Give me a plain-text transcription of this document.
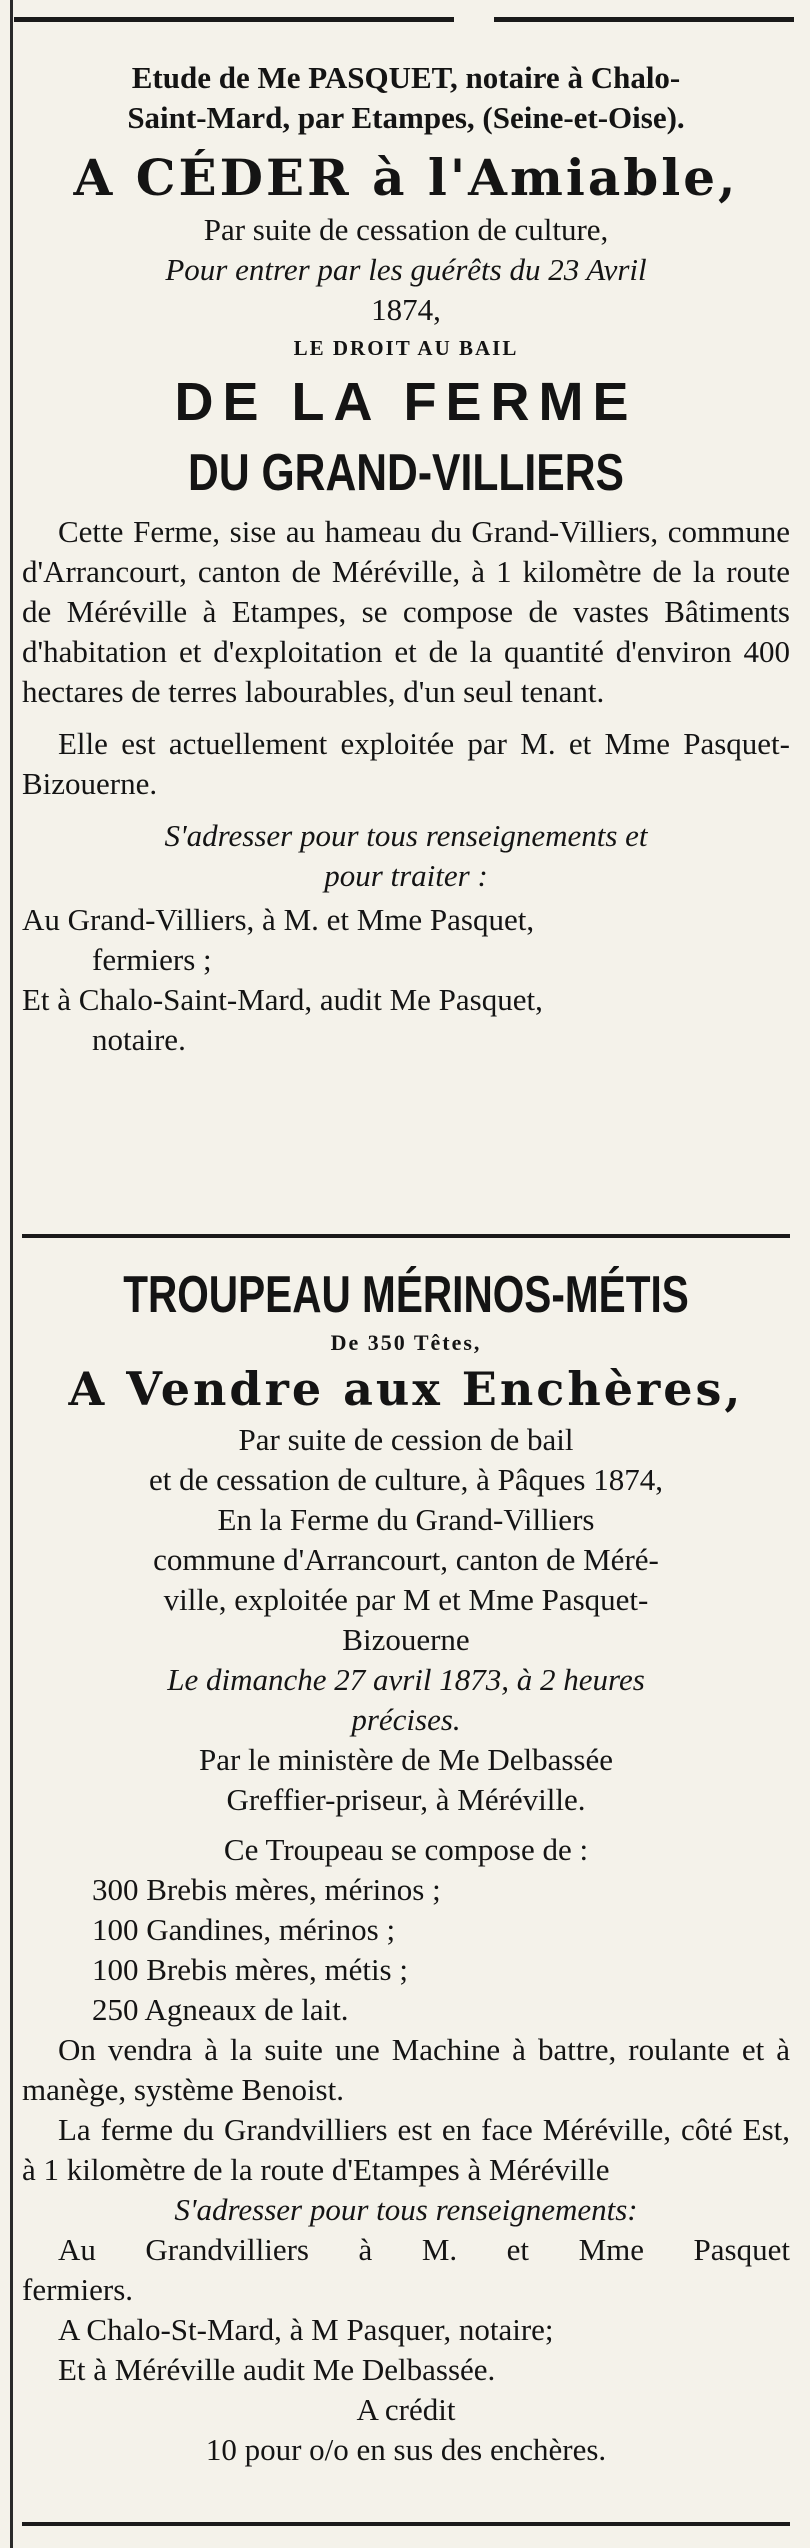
Etude de Me PASQUET, notaire à Chalo-

Saint-Mard, par Etampes, (Seine-et-Oise).

A CÉDER à l'Amiable,

Par suite de cessation de culture,

Pour entrer par les guérêts du 23 Avril

1874,

LE DROIT AU BAIL

DE LA FERME

DU GRAND-VILLIERS

Cette Ferme, sise au hameau du Grand-Villiers, commune d'Arrancourt, canton de Méréville, à 1 kilomètre de la route de Méréville à Etampes, se compose de vastes Bâtiments d'habitation et d'exploitation et de la quantité d'environ 400 hectares de terres labourables, d'un seul tenant.

Elle est actuellement exploitée par M. et Mme Pasquet-Bizouerne.

S'adresser pour tous renseignements et

pour traiter :

Au Grand-Villiers, à M. et Mme Pasquet,

fermiers ;

Et à Chalo-Saint-Mard, audit Me Pasquet,

notaire.

TROUPEAU MÉRINOS-MÉTIS

De 350 Têtes,

A Vendre aux Enchères,

Par suite de cession de bail

et de cessation de culture, à Pâques 1874,

En la Ferme du Grand-Villiers

commune d'Arrancourt, canton de Méré-

ville, exploitée par M et Mme Pasquet-

Bizouerne

Le dimanche 27 avril 1873, à 2 heures

précises.

Par le ministère de Me Delbassée

Greffier-priseur, à Méréville.

Ce Troupeau se compose de :

300 Brebis mères, mérinos ;

100 Gandines, mérinos ;

100 Brebis mères, métis ;

250 Agneaux de lait.

On vendra à la suite une Machine à battre, roulante et à manège, système Benoist.

La ferme du Grandvilliers est en face Méréville, côté Est, à 1 kilomètre de la route d'Etampes à Méréville

S'adresser pour tous renseignements:

Au Grandvilliers à M. et Mme Pasquet

fermiers.

A Chalo-St-Mard, à M Pasquer, notaire;

Et à Méréville audit Me Delbassée.

A crédit

10 pour o/o en sus des enchères.
